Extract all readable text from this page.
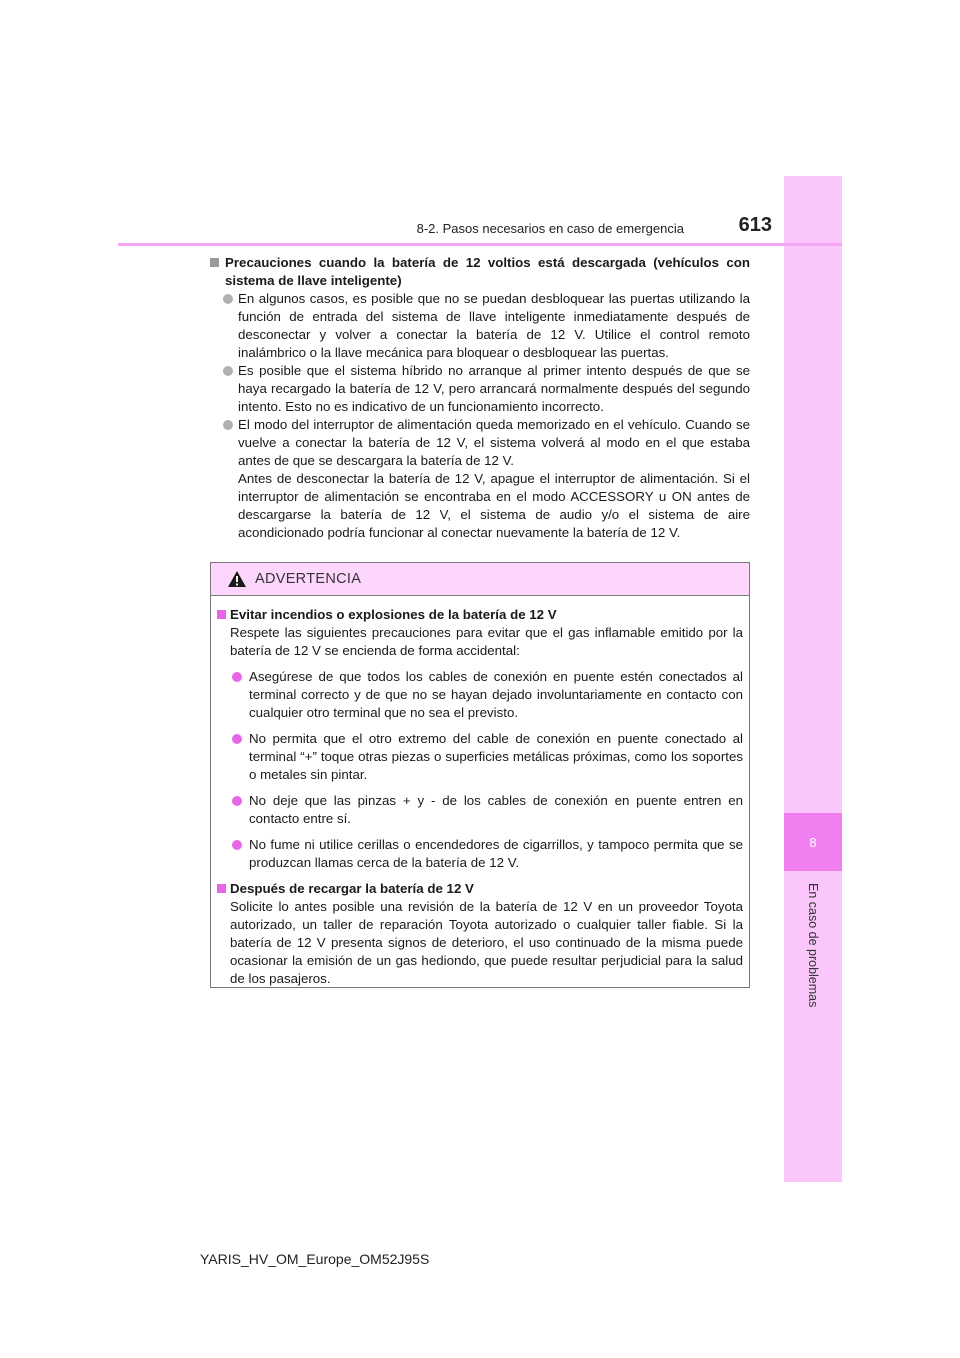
8
En caso de problemas
8-2. Pasos necesarios en caso de emergencia	613

Precauciones cuando la batería de 12 voltios está descargada (vehículos con sistema de llave inteligente)

En algunos casos, es posible que no se puedan desbloquear las puertas utilizando la función de entrada del sistema de llave inteligente inmediatamente después de desconectar y volver a conectar la batería de 12 V. Utilice el control remoto inalámbrico o la llave mecánica para bloquear o desbloquear las puertas.

Es posible que el sistema híbrido no arranque al primer intento después de que se haya recargado la batería de 12 V, pero arrancará normalmente después del segundo intento. Esto no es indicativo de un funcionamiento incorrecto.

El modo del interruptor de alimentación queda memorizado en el vehículo. Cuando se vuelve a conectar la batería de 12 V, el sistema volverá al modo en el que estaba antes de que se descargara la batería de 12 V.

Antes de desconectar la batería de 12 V, apague el interruptor de alimentación. Si el interruptor de alimentación se encontraba en el modo ACCESSORY u ON antes de descargarse la batería de 12 V, el sistema de audio y/o el sistema de aire acondicionado podría funcionar al conectar nuevamente la batería de 12 V.

ADVERTENCIA

Evitar incendios o explosiones de la batería de 12 V

Respete las siguientes precauciones para evitar que el gas inflamable emitido por la batería de 12 V se encienda de forma accidental:

Asegúrese de que todos los cables de conexión en puente estén conectados al terminal correcto y de que no se hayan dejado involuntariamente en contacto con cualquier otro terminal que no sea el previsto.

No permita que el otro extremo del cable de conexión en puente conectado al terminal “+” toque otras piezas o superficies metálicas próximas, como los soportes o metales sin pintar.

No deje que las pinzas + y - de los cables de conexión en puente entren en contacto entre sí.

No fume ni utilice cerillas o encendedores de cigarrillos, y tampoco permita que se produzcan llamas cerca de la batería de 12 V.

Después de recargar la batería de 12 V

Solicite lo antes posible una revisión de la batería de 12 V en un proveedor Toyota autorizado, un taller de reparación Toyota autorizado o cualquier taller fiable. Si la batería de 12 V presenta signos de deterioro, el uso continuado de la misma puede ocasionar la emisión de un gas hediondo, que puede resultar perjudicial para la salud de los pasajeros.

YARIS_HV_OM_Europe_OM52J95S
